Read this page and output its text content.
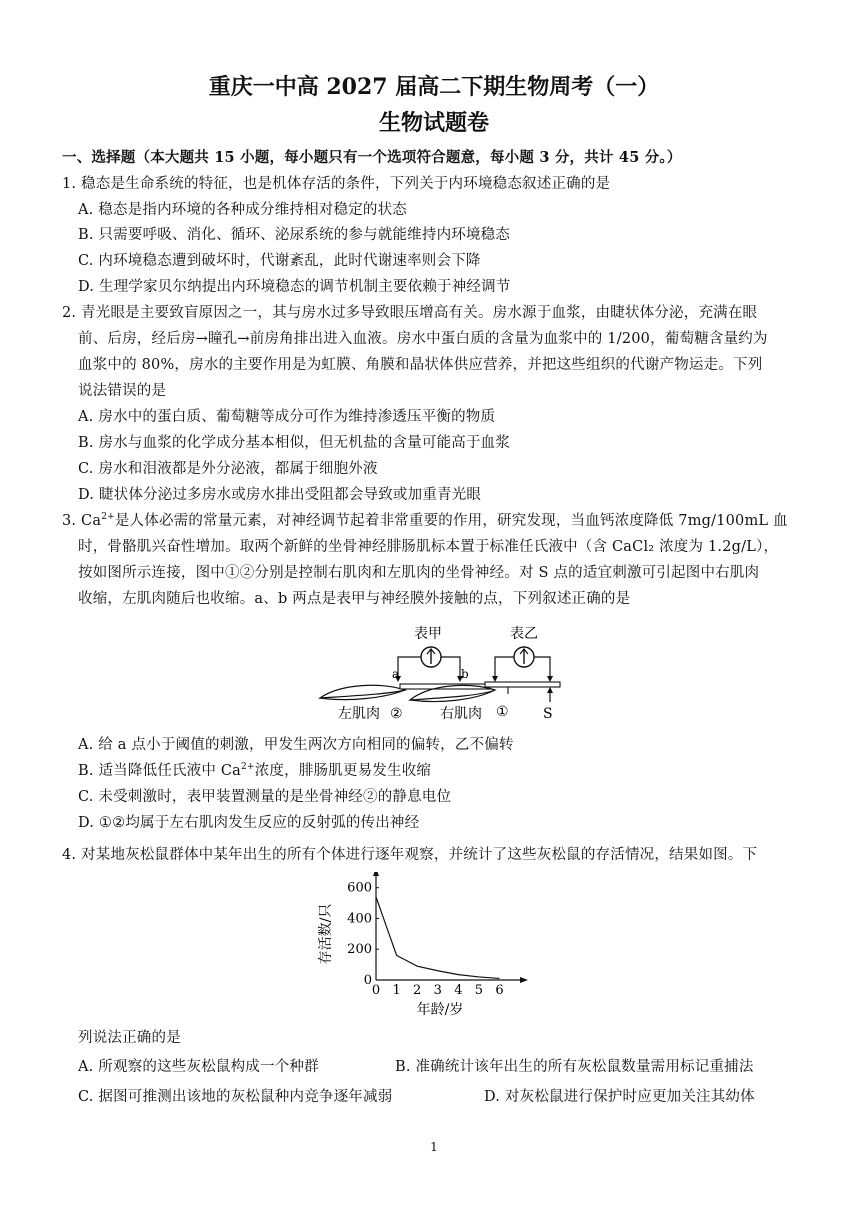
重庆一中高 2027 届高二下期生物周考（一）
生物试题卷
一、选择题（本大题共 15 小题，每小题只有一个选项符合题意，每小题 3 分，共计 45 分。）
1. 稳态是生命系统的特征，也是机体存活的条件，下列关于内环境稳态叙述正确的是
A. 稳态是指内环境的各种成分维持相对稳定的状态
B. 只需要呼吸、消化、循环、泌尿系统的参与就能维持内环境稳态
C. 内环境稳态遭到破坏时，代谢紊乱，此时代谢速率则会下降
D. 生理学家贝尔纳提出内环境稳态的调节机制主要依赖于神经调节
2. 青光眼是主要致盲原因之一，其与房水过多导致眼压增高有关。房水源于血浆，由睫状体分泌，充满在眼
前、后房，经后房→瞳孔→前房角排出进入血液。房水中蛋白质的含量为血浆中的 1/200，葡萄糖含量约为
血浆中的 80%，房水的主要作用是为虹膜、角膜和晶状体供应营养，并把这些组织的代谢产物运走。下列
说法错误的是
A. 房水中的蛋白质、葡萄糖等成分可作为维持渗透压平衡的物质
B. 房水与血浆的化学成分基本相似，但无机盐的含量可能高于血浆
C. 房水和泪液都是外分泌液，都属于细胞外液
D. 睫状体分泌过多房水或房水排出受阻都会导致或加重青光眼
3. $Ca^{2+}$是人体必需的常量元素，对神经调节起着非常重要的作用，研究发现，当血钙浓度降低 7mg/100mL 血
时，骨骼肌兴奋性增加。取两个新鲜的坐骨神经腓肠肌标本置于标准任氏液中（含 CaCl₂ 浓度为 1.2g/L），
按如图所示连接，图中①②分别是控制右肌肉和左肌肉的坐骨神经。对 S 点的适宜刺激可引起图中右肌肉
收缩，左肌肉随后也收缩。a、b 两点是表甲与神经膜外接触的点，下列叙述正确的是
表甲	表乙
a	b
左肌肉 ②	右肌肉 ① S
A. 给 a 点小于阈值的刺激，甲发生两次方向相同的偏转，乙不偏转
B. 适当降低任氏液中 $Ca^{2+}$浓度，腓肠肌更易发生收缩
C. 未受刺激时，表甲装置测量的是坐骨神经②的静息电位
D. ①②均属于左右肌肉发生反应的反射弧的传出神经
4. 对某地灰松鼠群体中某年出生的所有个体进行逐年观察，并统计了这些灰松鼠的存活情况，结果如图。下
0 1 2 3 4 5 6
0
200
400
600
年龄/岁
存活数/只
列说法正确的是
A. 所观察的这些灰松鼠构成一个种群	B. 准确统计该年出生的所有灰松鼠数量需用标记重捕法
C. 据图可推测出该地的灰松鼠种内竞争逐年减弱	D. 对灰松鼠进行保护时应更加关注其幼体
1
